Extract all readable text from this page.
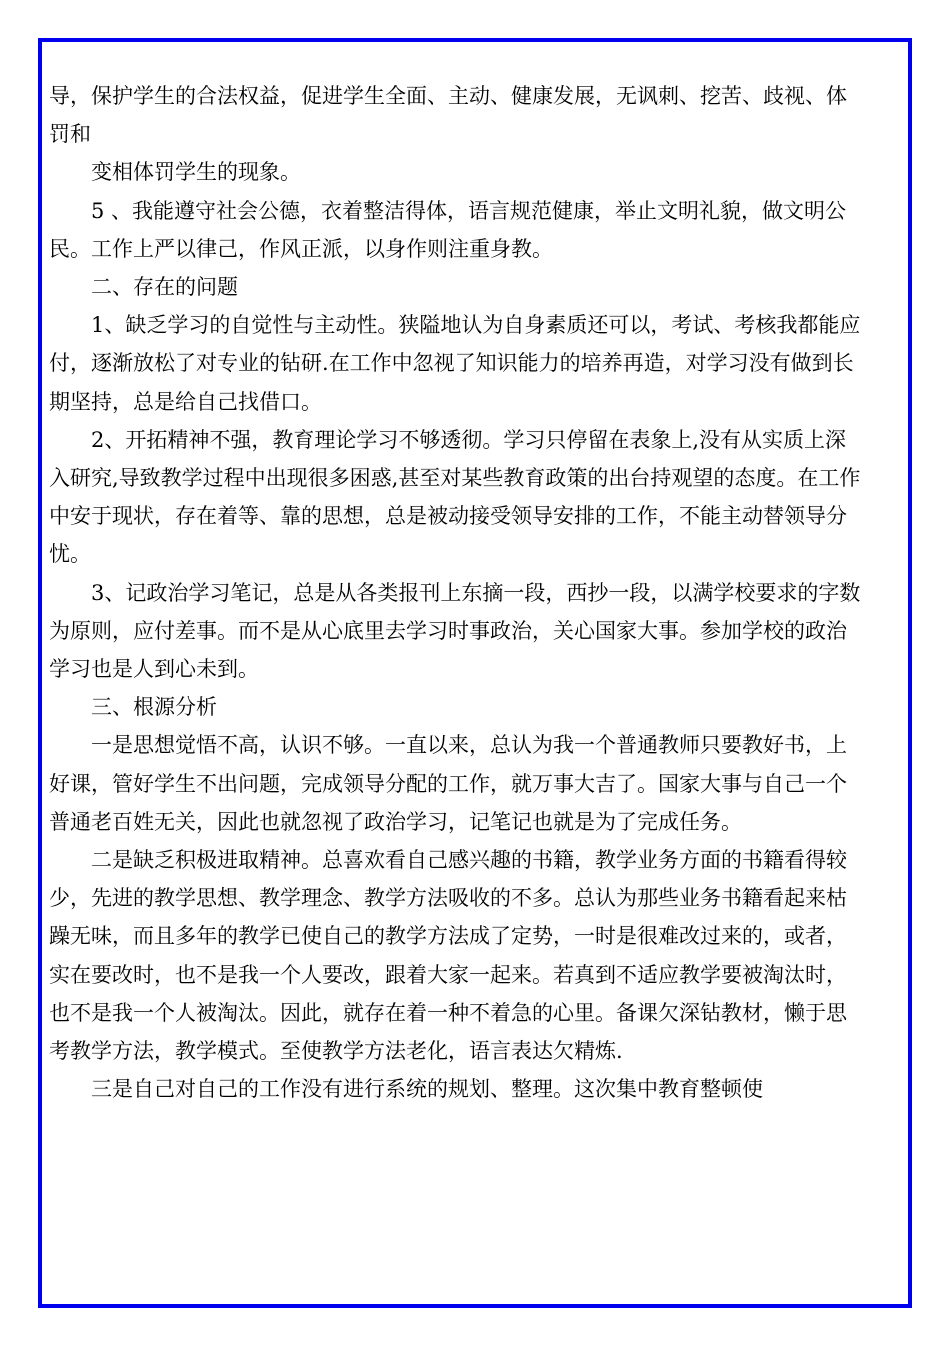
导，保护学生的合法权益，促进学生全面、主动、健康发展，无讽刺、挖苦、歧视、体罚和

变相体罚学生的现象。

5 、我能遵守社会公德，衣着整洁得体，语言规范健康，举止文明礼貌，做文明公民。工作上严以律己，作风正派，以身作则注重身教。

二、存在的问题

1、缺乏学习的自觉性与主动性。狭隘地认为自身素质还可以，考试、考核我都能应付，逐渐放松了对专业的钻研.在工作中忽视了知识能力的培养再造，对学习没有做到长期坚持，总是给自己找借口。

2、开拓精神不强，教育理论学习不够透彻。学习只停留在表象上,没有从实质上深入研究,导致教学过程中出现很多困惑,甚至对某些教育政策的出台持观望的态度。在工作中安于现状，存在着等、靠的思想，总是被动接受领导安排的工作，不能主动替领导分忧。

3、记政治学习笔记，总是从各类报刊上东摘一段，西抄一段，以满学校要求的字数为原则，应付差事。而不是从心底里去学习时事政治，关心国家大事。参加学校的政治学习也是人到心未到。

三、根源分析

一是思想觉悟不高，认识不够。一直以来，总认为我一个普通教师只要教好书，上好课，管好学生不出问题，完成领导分配的工作，就万事大吉了。国家大事与自己一个普通老百姓无关，因此也就忽视了政治学习，记笔记也就是为了完成任务。

二是缺乏积极进取精神。总喜欢看自己感兴趣的书籍，教学业务方面的书籍看得较少，先进的教学思想、教学理念、教学方法吸收的不多。总认为那些业务书籍看起来枯躁无味，而且多年的教学已使自己的教学方法成了定势，一时是很难改过来的，或者，实在要改时，也不是我一个人要改，跟着大家一起来。若真到不适应教学要被淘汰时，也不是我一个人被淘汰。因此，就存在着一种不着急的心里。备课欠深钻教材，懒于思考教学方法，教学模式。至使教学方法老化，语言表达欠精炼.

三是自己对自己的工作没有进行系统的规划、整理。这次集中教育整顿使
